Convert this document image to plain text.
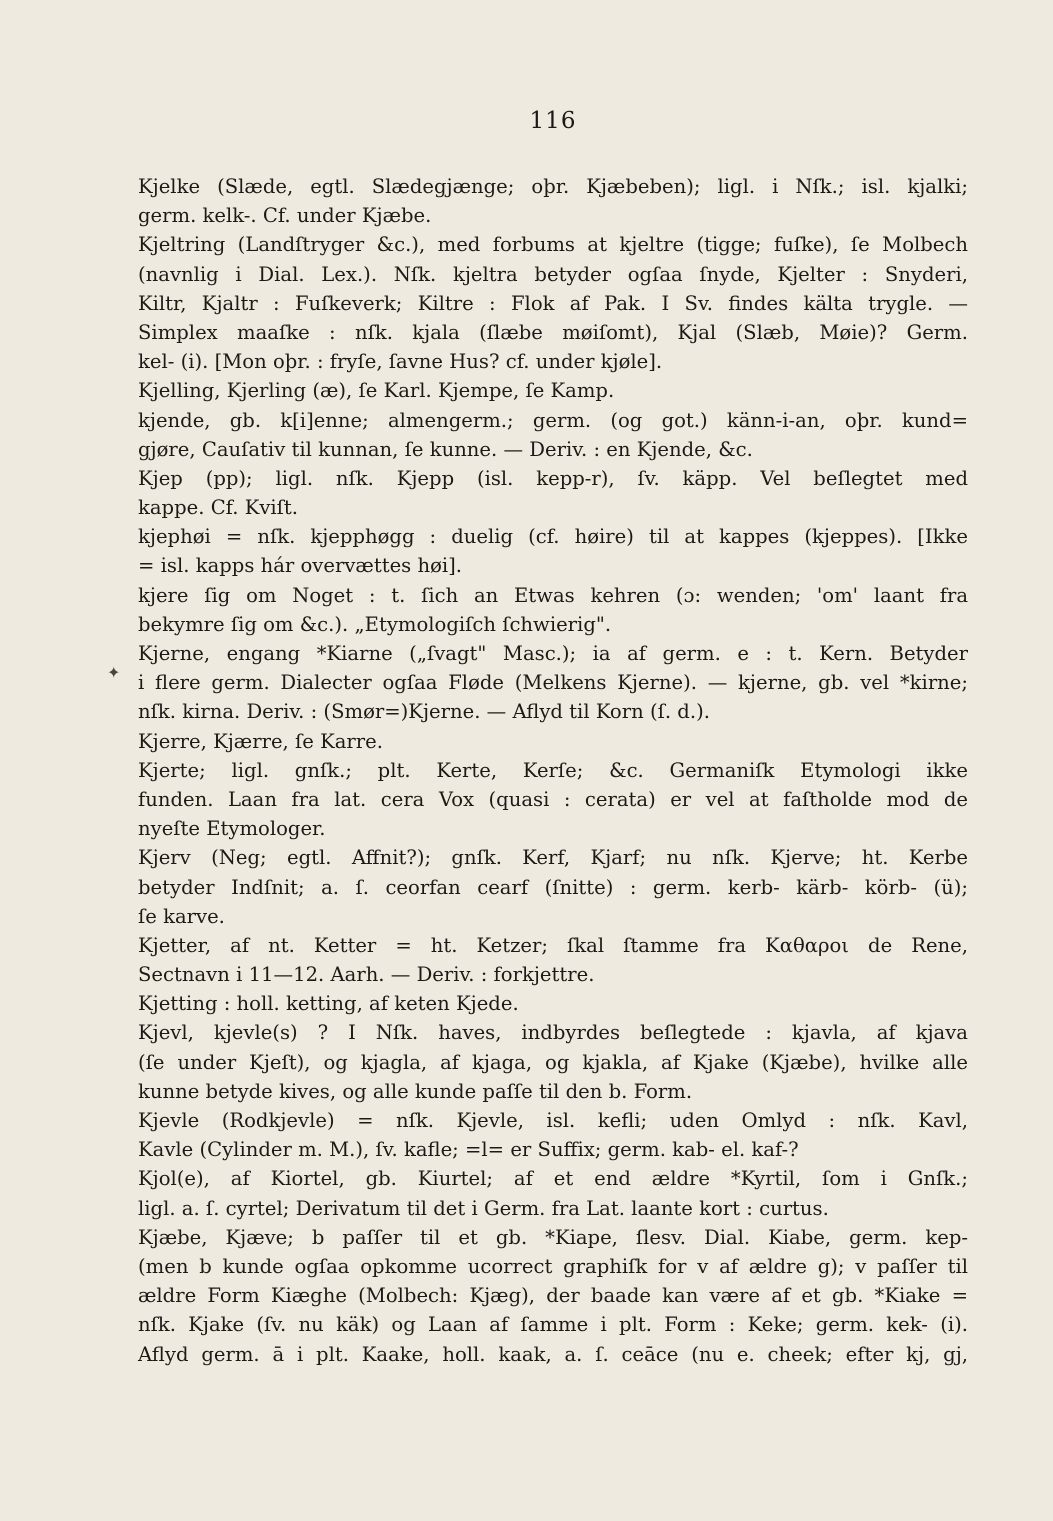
116
Kjelke (Slæde, egtl. Slædegjænge; oþr. Kjæbeben); ligl. i Nſk.; isl. kjalki;
germ. kelk-. Cf. under Kjæbe.
Kjeltring (Landſtryger &c.), med forbums at kjeltre (tigge; fuſke), ſe Molbech
(navnlig i Dial. Lex.). Nſk. kjeltra betyder ogſaa ſnyde, Kjelter : Snyderi,
Kiltr, Kjaltr : Fuſkeverk; Kiltre : Flok af Pak. I Sv. findes kälta trygle. —
Simplex maaſke : nſk. kjala (ſlæbe møiſomt), Kjal (Slæb, Møie)? Germ.
kel- (i). [Mon oþr. : fryſe, ſavne Hus? cf. under kjøle].
Kjelling, Kjerling (æ), ſe Karl. Kjempe, ſe Kamp.
kjende, gb. k[i]enne; almengerm.; germ. (og got.) känn-i-an, oþr. kund=
gjøre, Cauſativ til kunnan, ſe kunne. — Deriv. : en Kjende, &c.
Kjep (pp); ligl. nſk. Kjepp (isl. kepp-r), ſv. käpp. Vel beſlegtet med
kappe. Cf. Kviſt.
kjephøi = nſk. kjepphøgg : duelig (cf. høire) til at kappes (kjeppes). [Ikke
= isl. kapps hár overvættes høi].
kjere ſig om Noget : t. ſich an Etwas kehren (ɔ: wenden; 'om' laant fra
bekymre ſig om &c.). „Etymologiſch ſchwierig".
Kjerne, engang *Kiarne („ſvagt" Masc.); ia af germ. e : t. Kern. Betyder
i flere germ. Dialecter ogſaa Fløde (Melkens Kjerne). — kjerne, gb. vel *kirne;
nſk. kirna. Deriv. : (Smør=)Kjerne. — Aflyd til Korn (ſ. d.).
Kjerre, Kjærre, ſe Karre.
Kjerte; ligl. gnſk.; plt. Kerte, Kerſe; &c. Germaniſk Etymologi ikke
funden. Laan fra lat. cera Vox (quasi : cerata) er vel at faſtholde mod de
nyeſte Etymologer.
Kjerv (Neg; egtl. Affnit?); gnſk. Kerf, Kjarf; nu nſk. Kjerve; ht. Kerbe
betyder Indſnit; a. ſ. ceorfan cearf (ſnitte) : germ. kerb- kärb- körb- (ü);
ſe karve.
Kjetter, af nt. Ketter = ht. Ketzer; ſkal ſtamme fra Καθαροι de Rene,
Sectnavn i 11—12. Aarh. — Deriv. : forkjettre.
Kjetting : holl. ketting, af keten Kjede.
Kjevl, kjevle(s) ? I Nſk. haves, indbyrdes beſlegtede : kjavla, af kjava
(ſe under Kjeſt), og kjagla, af kjaga, og kjakla, af Kjake (Kjæbe), hvilke alle
kunne betyde kives, og alle kunde paſſe til den b. Form.
Kjevle (Rodkjevle) = nſk. Kjevle, isl. kefli; uden Omlyd : nſk. Kavl,
Kavle (Cylinder m. M.), ſv. kafle; =l= er Suffix; germ. kab- el. kaf-?
Kjol(e), af Kiortel, gb. Kiurtel; af et end ældre *Kyrtil, ſom i Gnſk.;
ligl. a. ſ. cyrtel; Derivatum til det i Germ. fra Lat. laante kort : curtus.
Kjæbe, Kjæve; b paſſer til et gb. *Kiape, ſlesv. Dial. Kiabe, germ. kep-
(men b kunde ogſaa opkomme ucorrect graphiſk for v af ældre g); v paſſer til
ældre Form Kiæghe (Molbech: Kjæg), der baade kan være af et gb. *Kiake =
nſk. Kjake (ſv. nu käk) og Laan af ſamme i plt. Form : Keke; germ. kek- (i).
Aflyd germ. ā i plt. Kaake, holl. kaak, a. ſ. ceāce (nu e. cheek; efter kj, gj,
✦
